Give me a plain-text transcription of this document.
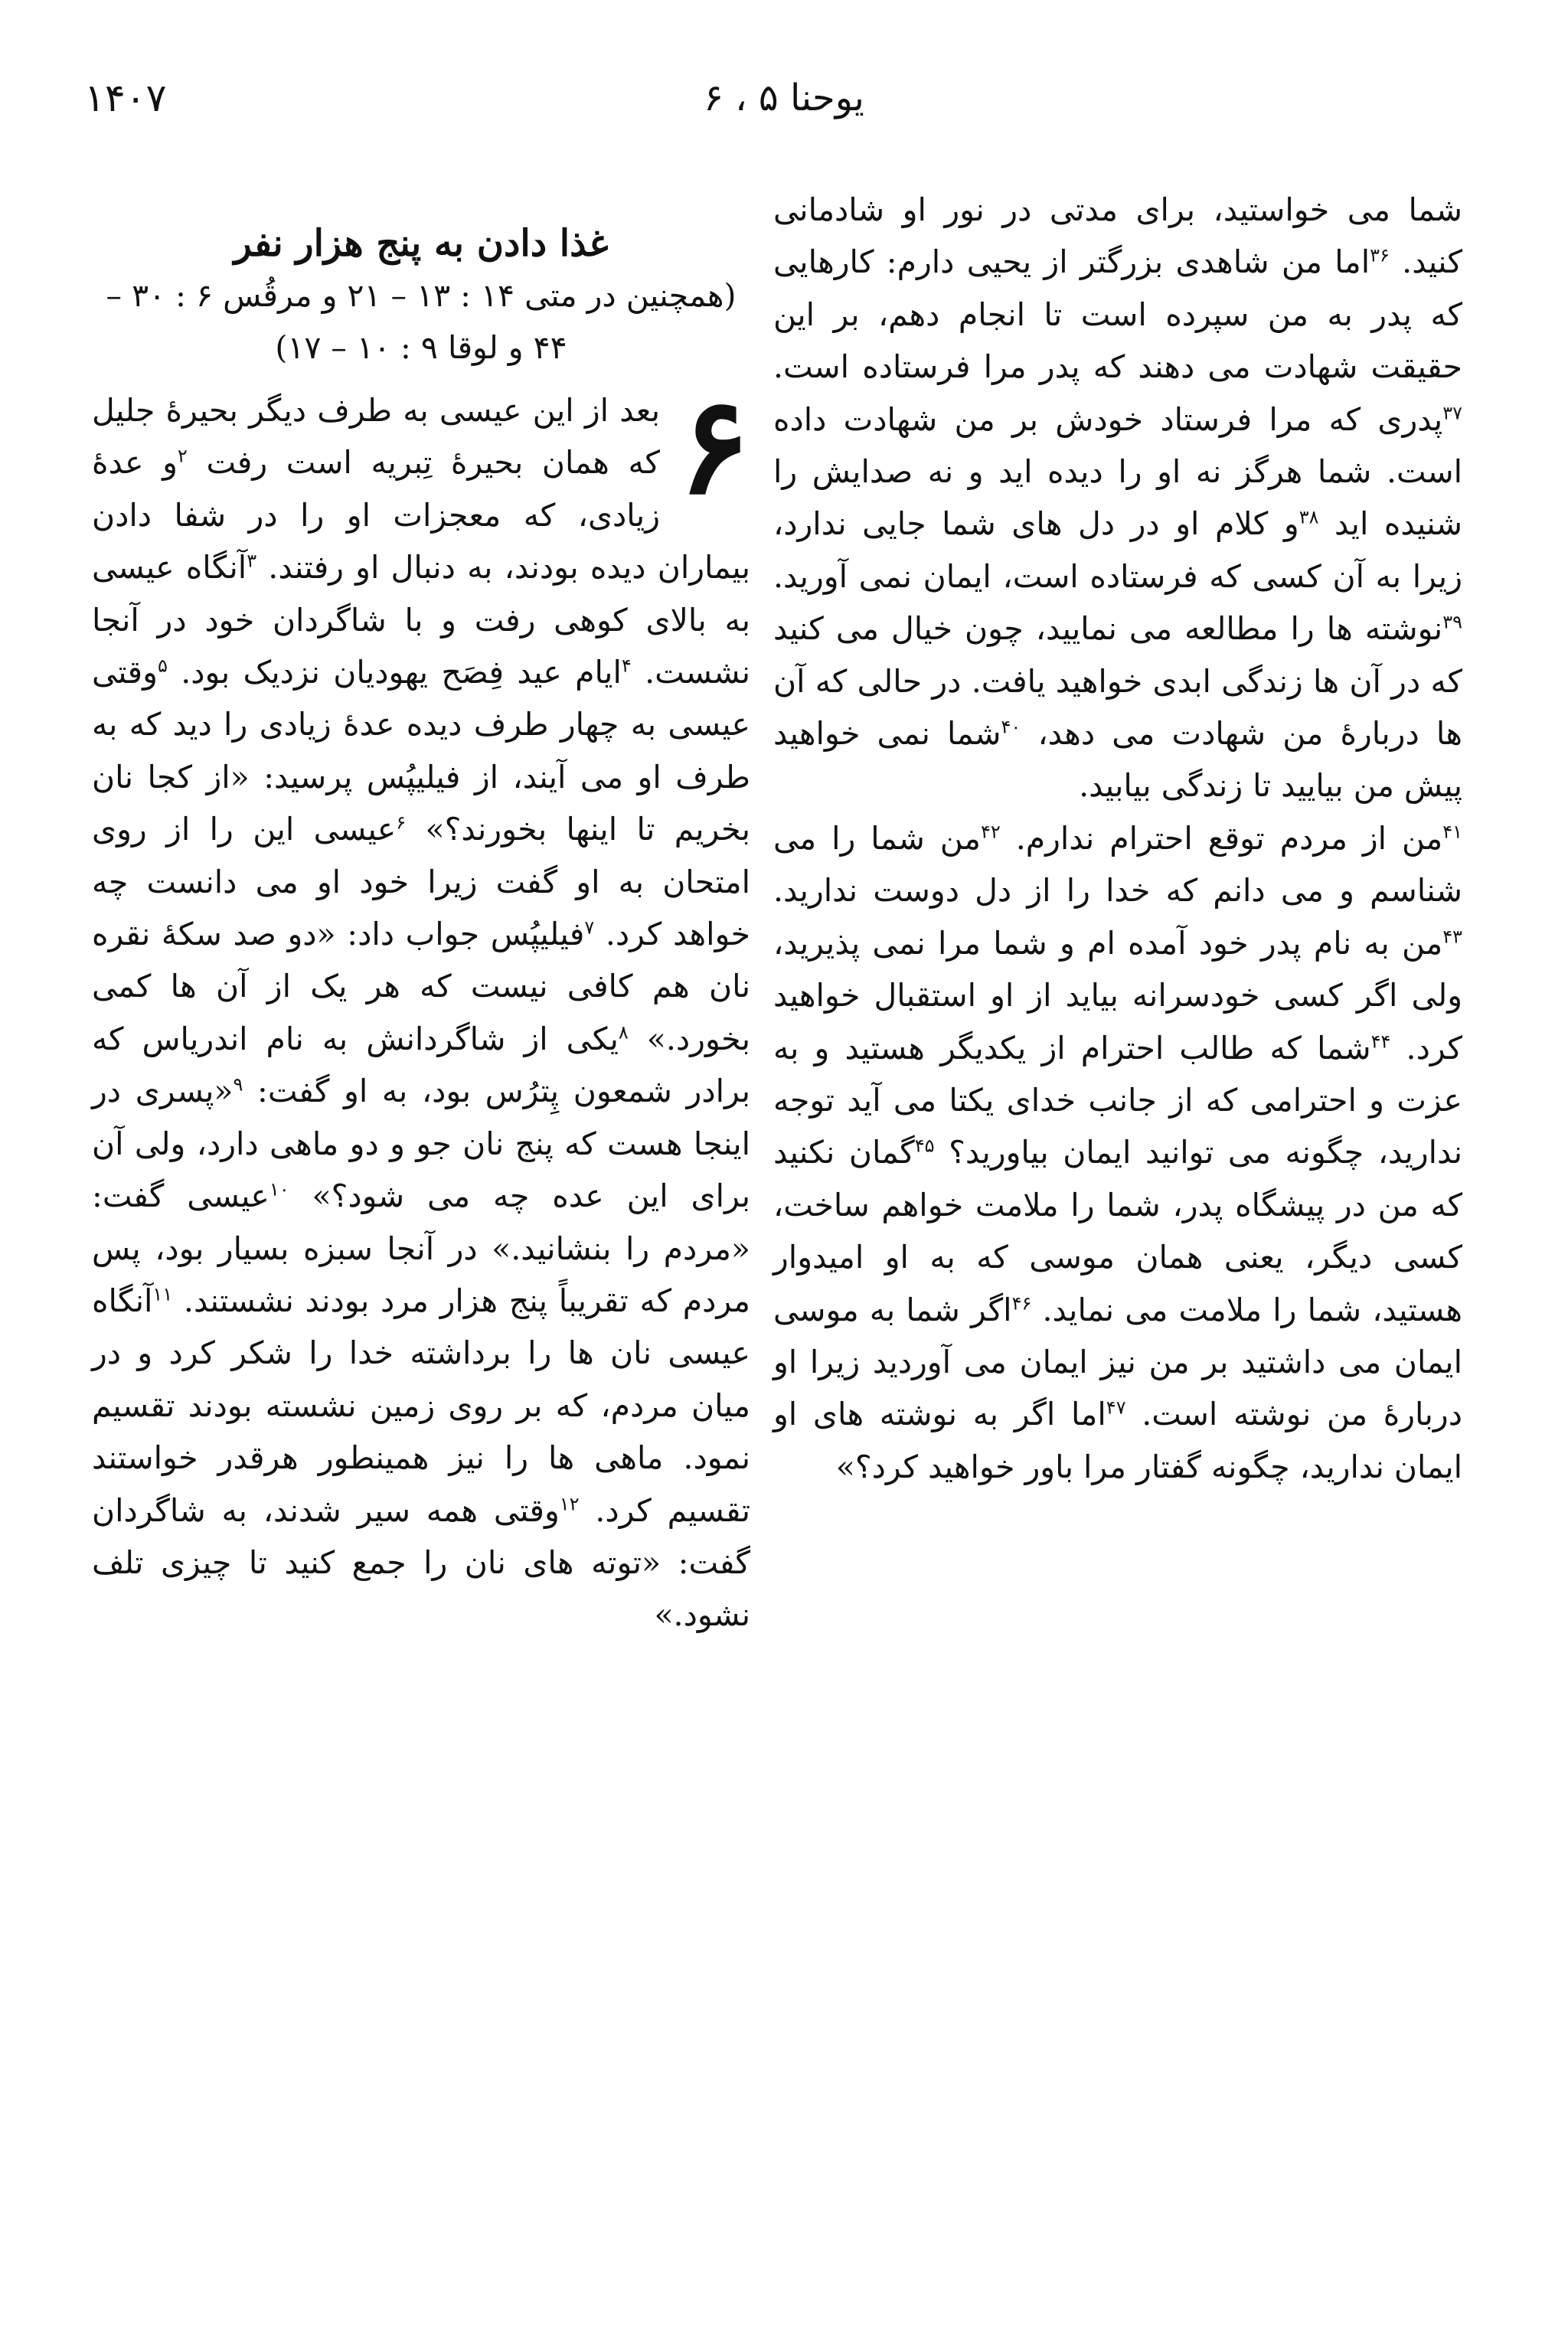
۱۴۰۷	یوحنا ۵ ، ۶

شما می خواستید، برای مدتی در نور او شادمانی کنید. $^{۳۶}$اما من شاهدی بزرگتر از یحیی دارم: کارهایی که پدر به من سپرده است تا انجام دهم، بر این حقیقت شهادت می دهند که پدر مرا فرستاده است. $^{۳۷}$پدری که مرا فرستاد خودش بر من شهادت داده است. شما هرگز نه او را دیده اید و نه صدایش را شنیده اید $^{۳۸}$و کلام او در دل های شما جایی ندارد، زیرا به آن کسی که فرستاده است، ایمان نمی آورید. $^{۳۹}$نوشته ها را مطالعه می نمایید، چون خیال می کنید که در آن ها زندگی ابدی خواهید یافت. در حالی که آن ها دربارهٔ من شهادت می دهد، $^{۴۰}$شما نمی خواهید پیش من بیایید تا زندگی بیابید.

$^{۴۱}$من از مردم توقع احترام ندارم. $^{۴۲}$من شما را می شناسم و می دانم که خدا را از دل دوست ندارید. $^{۴۳}$من به نام پدر خود آمده ام و شما مرا نمی پذیرید، ولی اگر کسی خودسرانه بیاید از او استقبال خواهید کرد. $^{۴۴}$شما که طالب احترام از یکدیگر هستید و به عزت و احترامی که از جانب خدای یکتا می آید توجه ندارید، چگونه می توانید ایمان بیاورید؟ $^{۴۵}$گمان نکنید که من در پیشگاه پدر، شما را ملامت خواهم ساخت، کسی دیگر، یعنی همان موسی که به او امیدوار هستید، شما را ملامت می نماید. $^{۴۶}$اگر شما به موسی ایمان می داشتید بر من نیز ایمان می آوردید زیرا او دربارهٔ من نوشته است. $^{۴۷}$اما اگر به نوشته های او ایمان ندارید، چگونه گفتار مرا باور خواهید کرد؟»

غذا دادن به پنج هزار نفر
(همچنین در متی ۱۴ : ۱۳ – ۲۱ و مرقُس ۶ : ۳۰ – ۴۴ و لوقا ۹ : ۱۰ – ۱۷)

۶
بعد از این عیسی به طرف دیگر بحیرهٔ جلیل که همان بحیرهٔ تِبریه است رفت $^۲$و عدهٔ زیادی، که معجزات او را در شفا دادن بیماران دیده بودند، به دنبال او رفتند. $^۳$آنگاه عیسی به بالای کوهی رفت و با شاگردان خود در آنجا نشست. $^۴$ایام عید فِصَح یهودیان نزدیک بود. $^۵$وقتی عیسی به چهار طرف دیده عدهٔ زیادی را دید که به طرف او می آیند، از فیلیپُس پرسید: «از کجا نان بخریم تا اینها بخورند؟» $^۶$عیسی این را از روی امتحان به او گفت زیرا خود او می دانست چه خواهد کرد. $^۷$فیلیپُس جواب داد: «دو صد سکهٔ نقره نان هم کافی نیست که هر یک از آن ها کمی بخورد.» $^۸$یکی از شاگردانش به نام اندریاس که برادر شمعون پِترُس بود، به او گفت: $^۹$«پسری در اینجا هست که پنج نان جو و دو ماهی دارد، ولی آن برای این عده چه می شود؟» $^{۱۰}$عیسی گفت: «مردم را بنشانید.» در آنجا سبزه بسیار بود، پس مردم که تقریباً پنج هزار مرد بودند نشستند. $^{۱۱}$آنگاه عیسی نان ها را برداشته خدا را شکر کرد و در میان مردم، که بر روی زمین نشسته بودند تقسیم نمود. ماهی ها را نیز همینطور هرقدر خواستند تقسیم کرد. $^{۱۲}$وقتی همه سیر شدند، به شاگردان گفت: «توته های نان را جمع کنید تا چیزی تلف نشود.»
